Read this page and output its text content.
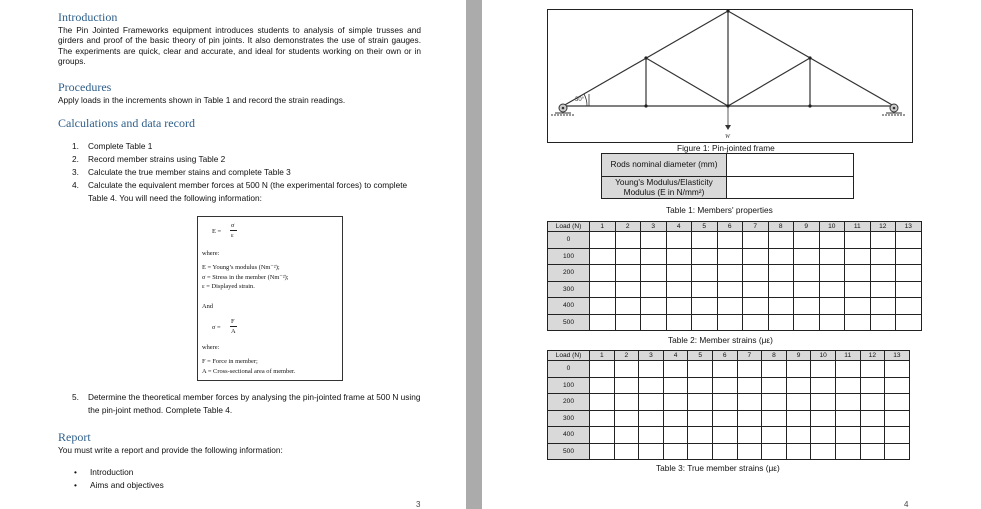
Introduction
The Pin Jointed Frameworks equipment introduces students to analysis of simple trusses and girders and proof of the basic theory of pin joints. It also demonstrates the use of strain gauges. The experiments are quick, clear and accurate, and ideal for students working on their own or in groups.
Procedures
Apply loads in the increments shown in Table 1 and record the strain readings.
Calculations and data record
1. Complete Table 1
2. Record member strains using Table 2
3. Calculate the true member stains and complete Table 3
4. Calculate the equivalent member forces at 500 N (the experimental forces) to complete Table 4. You will need the following information:
E =
σ
ε
where:
E = Young’s modulus (Nm⁻²);
σ = Stress in the member (Nm⁻²);
ε = Displayed strain.
And
σ =
F
A
where:
F = Force in member;
A = Cross-sectional area of member.
5. Determine the theoretical member forces by analysing the pin-jointed frame at 500 N using the pin-joint method. Complete Table 4.
Report
You must write a report and provide the following information:
• Introduction
• Aims and objectives
3
30°
W
Figure 1: Pin-jointed frame
Rods nominal diameter (mm)	
Young's Modulus/Elasticity Modulus (E in N/mm²)	
Table 1: Members' properties
Load (N)	1	2	3	4	5	6	7	8	9	10	11	12	13
0													
100													
200													
300													
400													
500													
Table 2: Member strains (με)
Load (N)	1	2	3	4	5	6	7	8	9	10	11	12	13
0													
100													
200													
300													
400													
500													
Table 3: True member strains (με)
4
